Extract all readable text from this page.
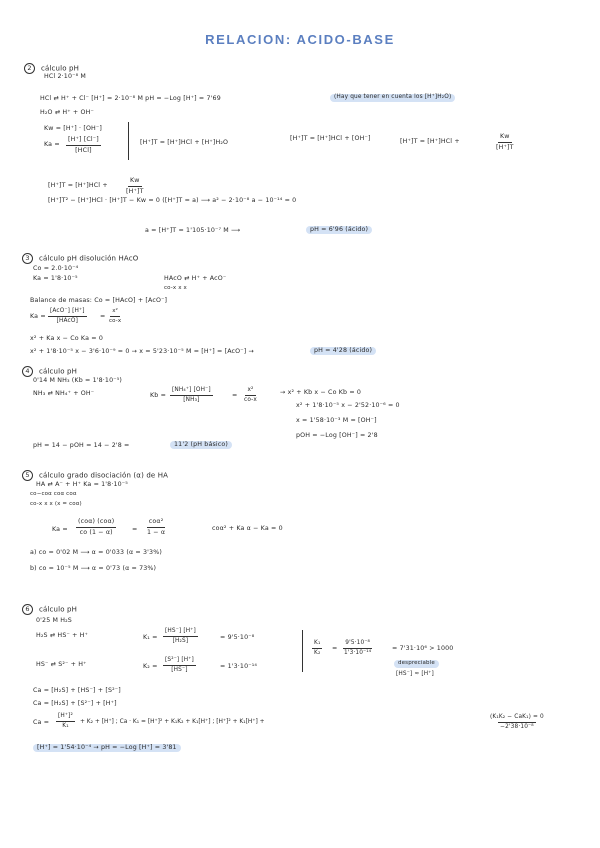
RELACION: ACIDO-BASE
2 cálculo pH
HCl 2·10⁻⁸ M
HCl ⇄ H⁺ + Cl⁻ [H⁺] = 2·10⁻⁸ M pH = −Log [H⁺] = 7'69	(Hay que tener en cuenta los [H⁺]H₂O)
H₂O ⇄ H⁺ + OH⁻
Kw = [H⁺] · [OH⁻]
Ka =
[H⁺] [Cl⁻]
[HCl]
[H⁺]T = [H⁺]HCl + [H⁺]H₂O
[H⁺]T = [H⁺]HCl + [OH⁻]	[H⁺]T = [H⁺]HCl +	$\frac{Kw}{[H^+]T}$
[H⁺]T = [H⁺]HCl +	$\frac{Kw}{[H^+]T}$
[H⁺]T² − [H⁺]HCl · [H⁺]T − Kw = 0 ([H⁺]T = a) ⟶ a² − 2·10⁻⁸ a − 10⁻¹⁴ = 0
a = [H⁺]T = 1'105·10⁻⁷ M ⟶	pH = 6'96 (ácido)
3 cálculo pH disolución HAcO
Co = 2.0·10⁻⁴
Ka = 1'8·10⁻⁵	HAcO ⇄ H⁺ + AcO⁻
co-x x x
Balance de masas: Co = [HAcO] + [AcO⁻]
Ka =
[AcO⁻] [H⁺]
[HAcO]
= $\frac{\text{x²}}{co-x}$
x² + Ka x − Co Ka = 0
x² + 1'8·10⁻⁵ x − 3'6·10⁻⁹ = 0 → x = 5'23·10⁻⁵ M = [H⁺] = [AcO⁻] →	pH = 4'28 (ácido)
4 cálculo pH
0'14 M NH₃ (Kb = 1'8·10⁻⁵)
NH₃ ⇄ NH₄⁺ + OH⁻	$Kb = \frac{\text{[NH₄⁺] [OH⁻]}}{\text{[NH₃]}}$	= $\frac{\text{x²}}{co-x}$	→ x² + Kb x − Co Kb = 0
x² + 1'8·10⁻⁵ x − 2'52·10⁻⁶ = 0
x = 1'58·10⁻³ M = [OH⁻]
pOH = −Log [OH⁻] = 2'8
pH = 14 − pOH = 14 − 2'8 =	11'2 (pH básico)
5 cálculo grado disociación (α) de HA
HA ⇄ A⁻ + H⁺ Ka = 1'8·10⁻⁵
co−coα coα coα
co-x x x (x = coα)
Ka =
(coα) (coα)
co (1 − α)	=
coα²
1 − α
coα² + Ka α − Ka = 0
a) co = 0'02 M ⟶ α = 0'033 (α = 3'3%)
b) co = 10⁻⁵ M ⟶ α = 0'73 (α = 73%)
6 cálculo pH
0'25 M H₂S
H₂S ⇄ HS⁻ + H⁺	$K_1 = \frac{[HS^-] [H^+]}{\text{[H₂S]}}$	= 9'5·10⁻⁸
HS⁻ ⇄ S²⁻ + H⁺	$K_2 = \frac{\text{[S²⁻] [H⁺]}}{[HS^-]}$	= 1'3·10⁻¹⁴
$\frac{\text{K₁}}{\text{K₂}} = \frac{\text{9'5·10⁻⁸}}{\text{1'3·10⁻¹⁴}}$	= 7'31·10⁶ > 1000
despreciable
[HS⁻] ≈ [H⁺]
Ca = [H₂S] + [HS⁻] + [S²⁻]
Ca = [H₂S] + [S²⁻] + [H⁺]
$Ca = \frac{\text{[H⁺]²}}{\text{K₁}} + K_2 + [H^+]$ ; Ca · K₁ = [H⁺]² + K₁K₂ + K₁[H⁺] ; [H⁺]² + K₁[H⁺] +
(K₁K₂ − CaK₁) = 0
−2'38·10⁻⁸
[H⁺] = 1'54·10⁻⁴ → pH = −Log [H⁺] = 3'81
